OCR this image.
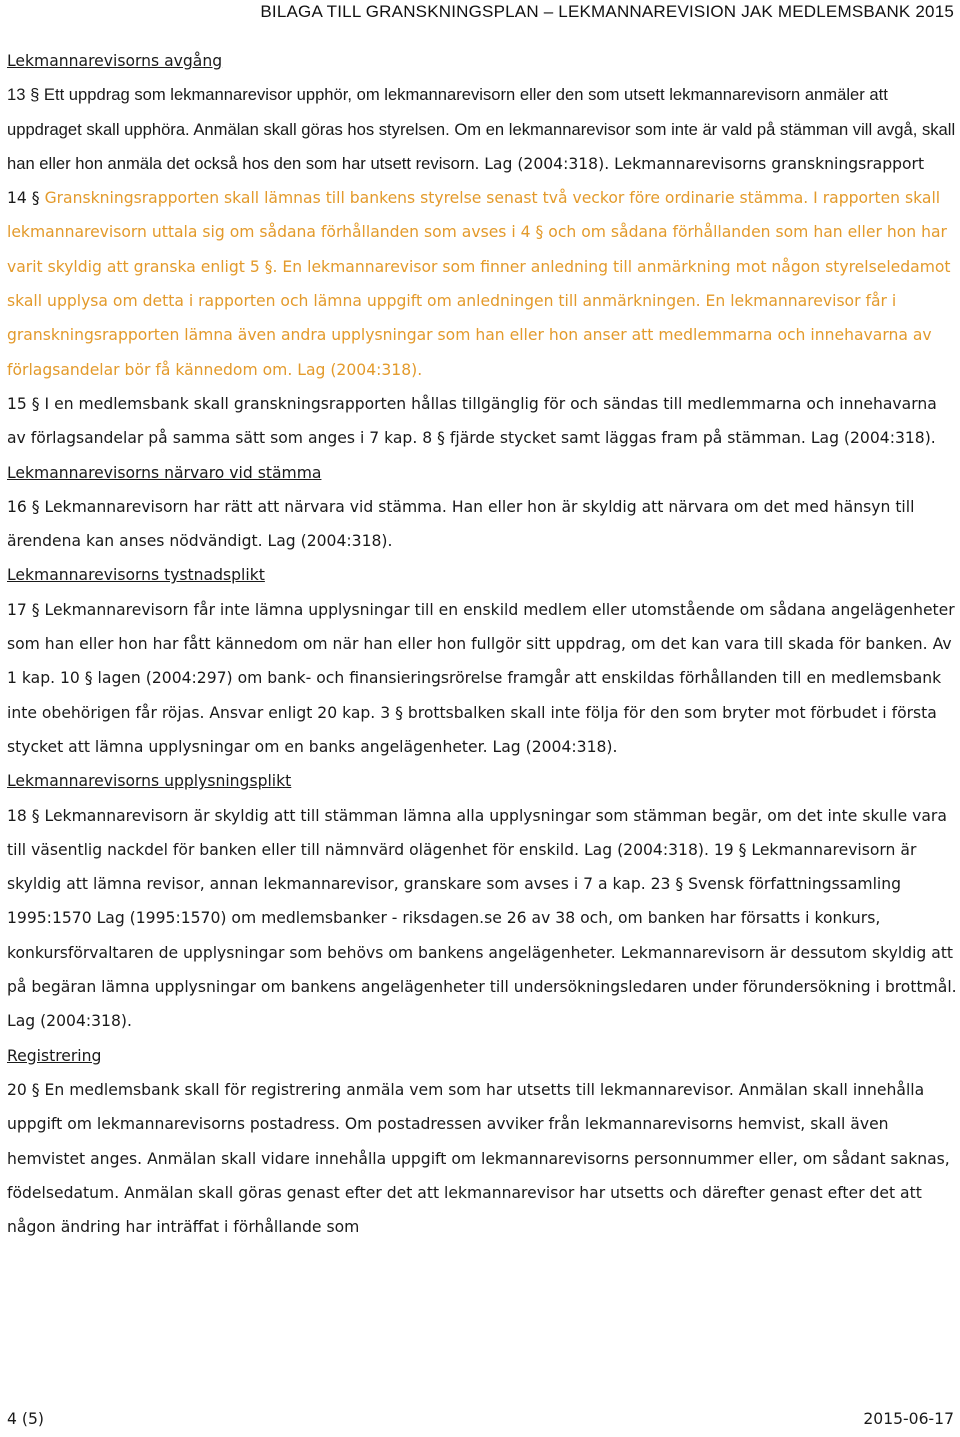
BILAGA TILL GRANSKNINGSPLAN – LEKMANNAREVISION JAK MEDLEMSBANK 2015
Lekmannarevisorns avgång

13 § Ett uppdrag som lekmannarevisor upphör, om lekmannarevisorn eller den som utsett lekmannarevisorn anmäler att uppdraget skall upphöra. Anmälan skall göras hos styrelsen. Om en lekmannarevisor som inte är vald på stämman vill avgå, skall han eller hon anmäla det också hos den som har utsett revisorn. Lag (2004:318). Lekmannarevisorns granskningsrapport

14 § Granskningsrapporten skall lämnas till bankens styrelse senast två veckor före ordinarie stämma. I rapporten skall lekmannarevisorn uttala sig om sådana förhållanden som avses i 4 § och om sådana förhållanden som han eller hon har varit skyldig att granska enligt 5 §. En lekmannarevisor som finner anledning till anmärkning mot någon styrelseledamot skall upplysa om detta i rapporten och lämna uppgift om anledningen till anmärkningen. En lekmannarevisor får i granskningsrapporten lämna även andra upplysningar som han eller hon anser att medlemmarna och innehavarna av förlagsandelar bör få kännedom om. Lag (2004:318).

15 § I en medlemsbank skall granskningsrapporten hållas tillgänglig för och sändas till medlemmarna och innehavarna av förlagsandelar på samma sätt som anges i 7 kap. 8 § fjärde stycket samt läggas fram på stämman. Lag (2004:318).

Lekmannarevisorns närvaro vid stämma

16 § Lekmannarevisorn har rätt att närvara vid stämma. Han eller hon är skyldig att närvara om det med hänsyn till ärendena kan anses nödvändigt. Lag (2004:318).

Lekmannarevisorns tystnadsplikt

17 § Lekmannarevisorn får inte lämna upplysningar till en enskild medlem eller utomstående om sådana angelägenheter som han eller hon har fått kännedom om när han eller hon fullgör sitt uppdrag, om det kan vara till skada för banken. Av 1 kap. 10 § lagen (2004:297) om bank- och finansieringsrörelse framgår att enskildas förhållanden till en medlemsbank inte obehörigen får röjas. Ansvar enligt 20 kap. 3 § brottsbalken skall inte följa för den som bryter mot förbudet i första stycket att lämna upplysningar om en banks angelägenheter. Lag (2004:318).

Lekmannarevisorns upplysningsplikt

18 § Lekmannarevisorn är skyldig att till stämman lämna alla upplysningar som stämman begär, om det inte skulle vara till väsentlig nackdel för banken eller till nämnvärd olägenhet för enskild. Lag (2004:318). 19 § Lekmannarevisorn är skyldig att lämna revisor, annan lekmannarevisor, granskare som avses i 7 a kap. 23 § Svensk författningssamling 1995:1570 Lag (1995:1570) om medlemsbanker - riksdagen.se 26 av 38 och, om banken har försatts i konkurs, konkursförvaltaren de upplysningar som behövs om bankens angelägenheter. Lekmannarevisorn är dessutom skyldig att på begäran lämna upplysningar om bankens angelägenheter till undersökningsledaren under förundersökning i brottmål. Lag (2004:318).

Registrering

20 § En medlemsbank skall för registrering anmäla vem som har utsetts till lekmannarevisor. Anmälan skall innehålla uppgift om lekmannarevisorns postadress. Om postadressen avviker från lekmannarevisorns hemvist, skall även hemvistet anges. Anmälan skall vidare innehålla uppgift om lekmannarevisorns personnummer eller, om sådant saknas, födelsedatum. Anmälan skall göras genast efter det att lekmannarevisor har utsetts och därefter genast efter det att någon ändring har inträffat i förhållande som

4 (5)	2015-06-17
